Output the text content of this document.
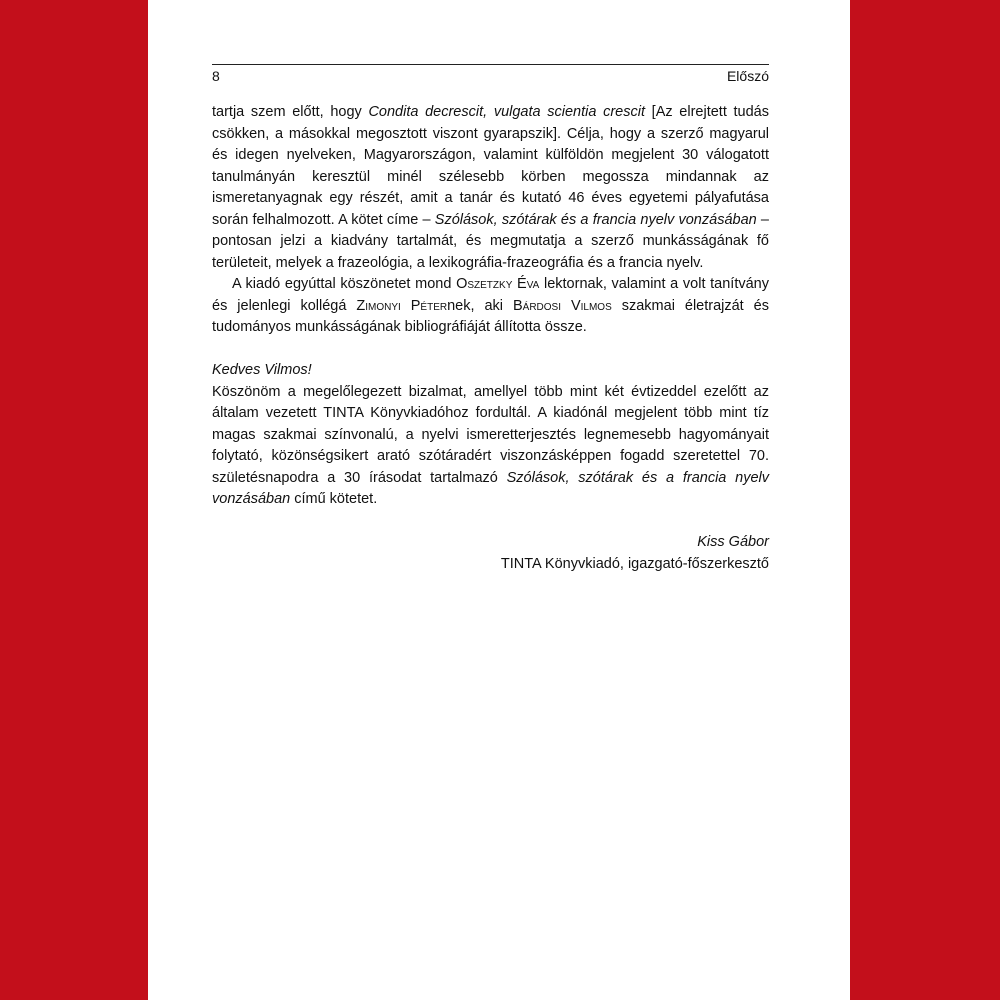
8	Előszó

tartja szem előtt, hogy Condita decrescit, vulgata scientia crescit [Az elrejtett tudás csökken, a másokkal megosztott viszont gyarapszik]. Célja, hogy a szerző magyarul és idegen nyelveken, Magyarországon, valamint külföldön megjelent 30 válogatott tanulmányán keresztül minél szélesebb körben megossza mindannak az ismeretanyagnak egy részét, amit a tanár és kutató 46 éves egyetemi pályafutása során felhalmozott. A kötet címe – Szólások, szótárak és a francia nyelv vonzásában – pontosan jelzi a kiadvány tartalmát, és megmutatja a szerző munkásságának fő területeit, melyek a frazeológia, a lexikográfia-frazeográfia és a francia nyelv.

A kiadó egyúttal köszönetet mond Oszetzky Éva lektornak, valamint a volt tanítvány és jelenlegi kollégá Zimonyi Péternek, aki Bárdosi Vilmos szakmai életrajzát és tudományos munkásságának bibliográfiáját állította össze.

Kedves Vilmos!

Köszönöm a megelőlegezett bizalmat, amellyel több mint két évtizeddel ezelőtt az általam vezetett TINTA Könyvkiadóhoz fordultál. A kiadónál megjelent több mint tíz magas szakmai színvonalú, a nyelvi ismeretterjesztés legnemesebb hagyományait folytató, közönségsikert arató szótáradért viszonzásképpen fogadd szeretettel 70. születésnapodra a 30 írásodat tartalmazó Szólások, szótárak és a francia nyelv vonzásában című kötetet.

Kiss Gábor

TINTA Könyvkiadó, igazgató-főszerkesztő
